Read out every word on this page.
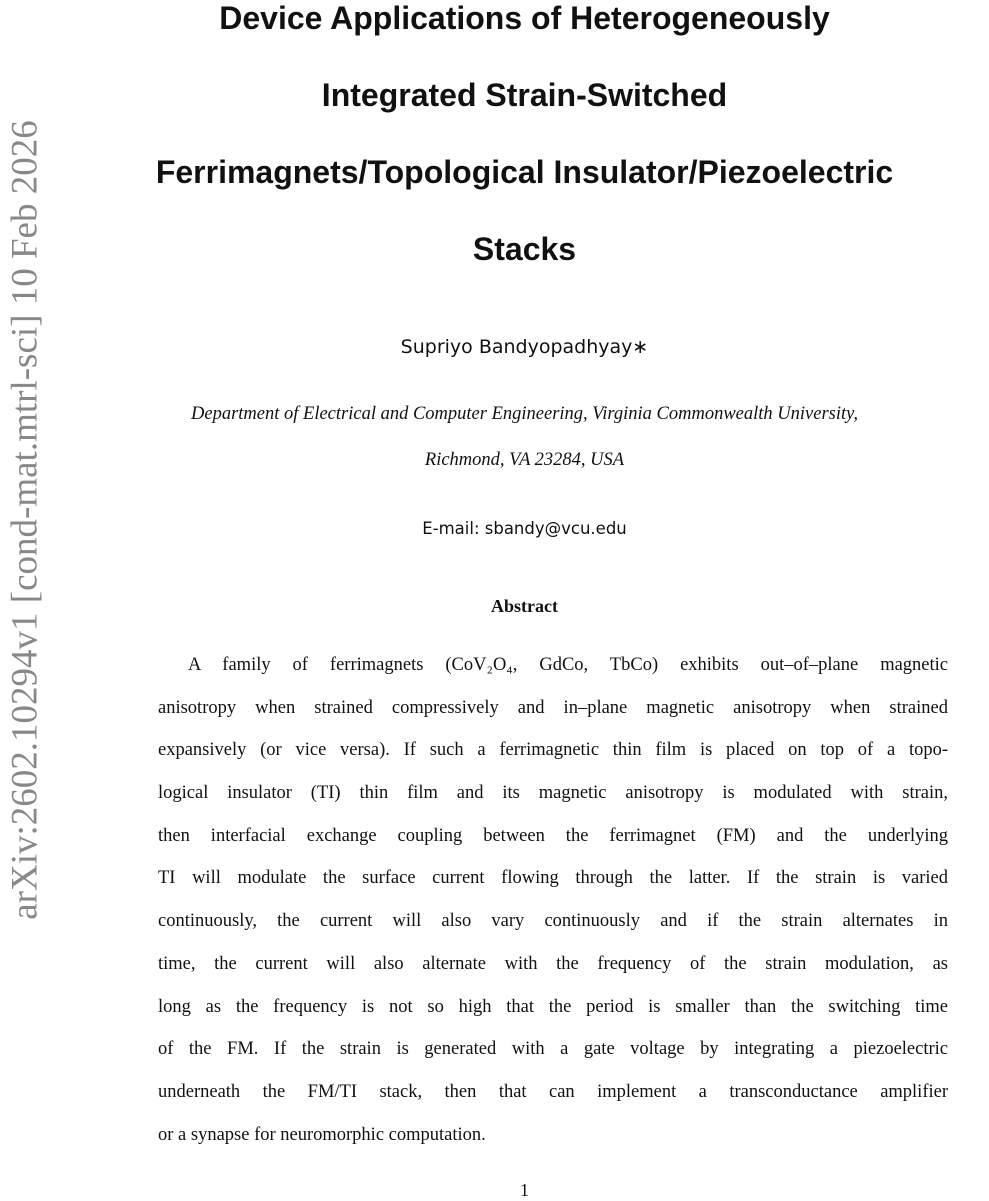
arXiv:2602.10294v1 [cond-mat.mtrl-sci] 10 Feb 2026
Device Applications of Heterogeneously
Integrated Strain-Switched
Ferrimagnets/Topological Insulator/Piezoelectric
Stacks
Supriyo Bandyopadhyay∗
Department of Electrical and Computer Engineering, Virginia Commonwealth University,
Richmond, VA 23284, USA
E-mail: sbandy@vcu.edu
Abstract
A family of ferrimagnets (CoV₂O₄, GdCo, TbCo) exhibits out–of–plane magnetic
anisotropy when strained compressively and in–plane magnetic anisotropy when strained
expansively (or vice versa). If such a ferrimagnetic thin film is placed on top of a topo-
logical insulator (TI) thin film and its magnetic anisotropy is modulated with strain,
then interfacial exchange coupling between the ferrimagnet (FM) and the underlying
TI will modulate the surface current flowing through the latter. If the strain is varied
continuously, the current will also vary continuously and if the strain alternates in
time, the current will also alternate with the frequency of the strain modulation, as
long as the frequency is not so high that the period is smaller than the switching time
of the FM. If the strain is generated with a gate voltage by integrating a piezoelectric
underneath the FM/TI stack, then that can implement a transconductance amplifier
or a synapse for neuromorphic computation.
1
